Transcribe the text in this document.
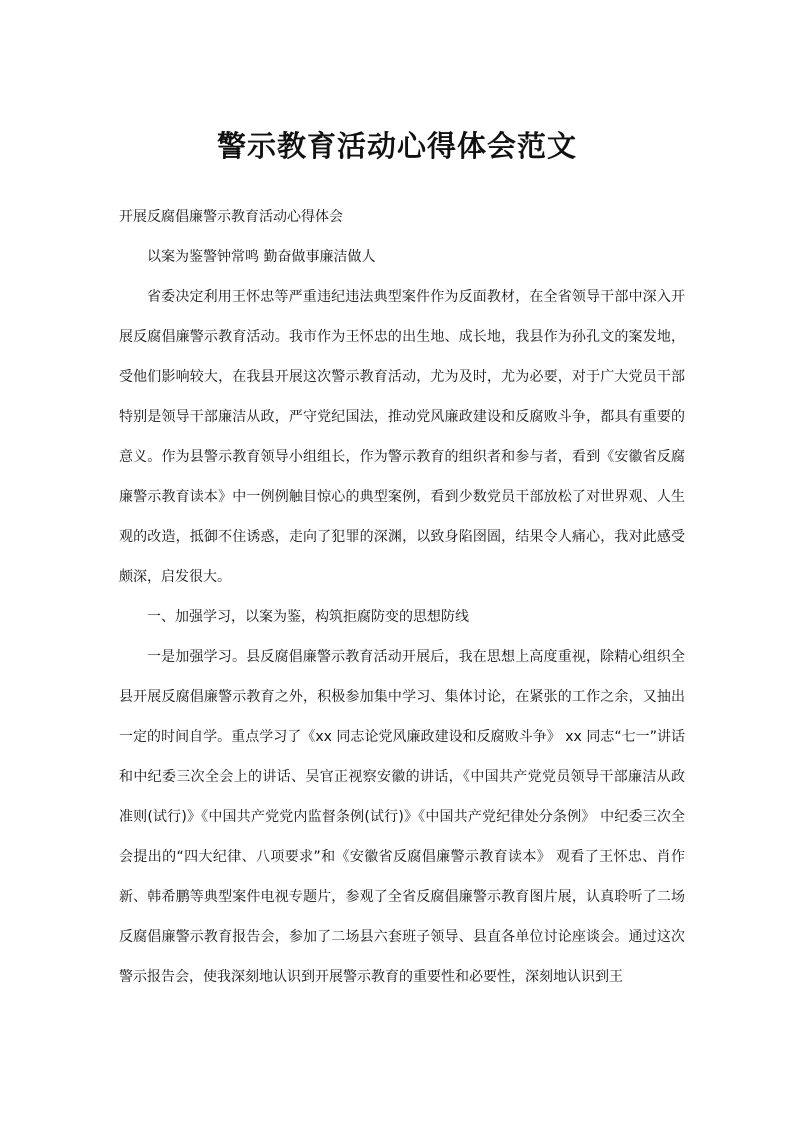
警示教育活动心得体会范文

开展反腐倡廉警示教育活动心得体会

以案为鉴警钟常鸣 勤奋做事廉洁做人

省委决定利用王怀忠等严重违纪违法典型案件作为反面教材，在全省领导干部中深入开展反腐倡廉警示教育活动。我市作为王怀忠的出生地、成长地，我县作为孙孔文的案发地，受他们影响较大，在我县开展这次警示教育活动，尤为及时，尤为必要，对于广大党员干部特别是领导干部廉洁从政，严守党纪国法，推动党风廉政建设和反腐败斗争，都具有重要的意义。作为县警示教育领导小组组长，作为警示教育的组织者和参与者，看到《安徽省反腐廉警示教育读本》中一例例触目惊心的典型案例，看到少数党员干部放松了对世界观、人生观的改造，抵御不住诱惑，走向了犯罪的深渊，以致身陷囹圄，结果令人痛心，我对此感受颇深，启发很大。

一、加强学习，以案为鉴，构筑拒腐防变的思想防线

一是加强学习。县反腐倡廉警示教育活动开展后，我在思想上高度重视，除精心组织全县开展反腐倡廉警示教育之外，积极参加集中学习、集体讨论，在紧张的工作之余，又抽出一定的时间自学。重点学习了《xx 同志论党风廉政建设和反腐败斗争》 xx 同志“七一”讲话和中纪委三次全会上的讲话、吴官正视察安徽的讲话，《中国共产党党员领导干部廉洁从政准则(试行)》《中国共产党党内监督条例(试行)》《中国共产党纪律处分条例》 中纪委三次全会提出的“四大纪律、八项要求”和《安徽省反腐倡廉警示教育读本》 观看了王怀忠、肖作新、韩希鹏等典型案件电视专题片，参观了全省反腐倡廉警示教育图片展，认真聆听了二场反腐倡廉警示教育报告会，参加了二场县六套班子领导、县直各单位讨论座谈会。通过这次警示报告会，使我深刻地认识到开展警示教育的重要性和必要性，深刻地认识到王
